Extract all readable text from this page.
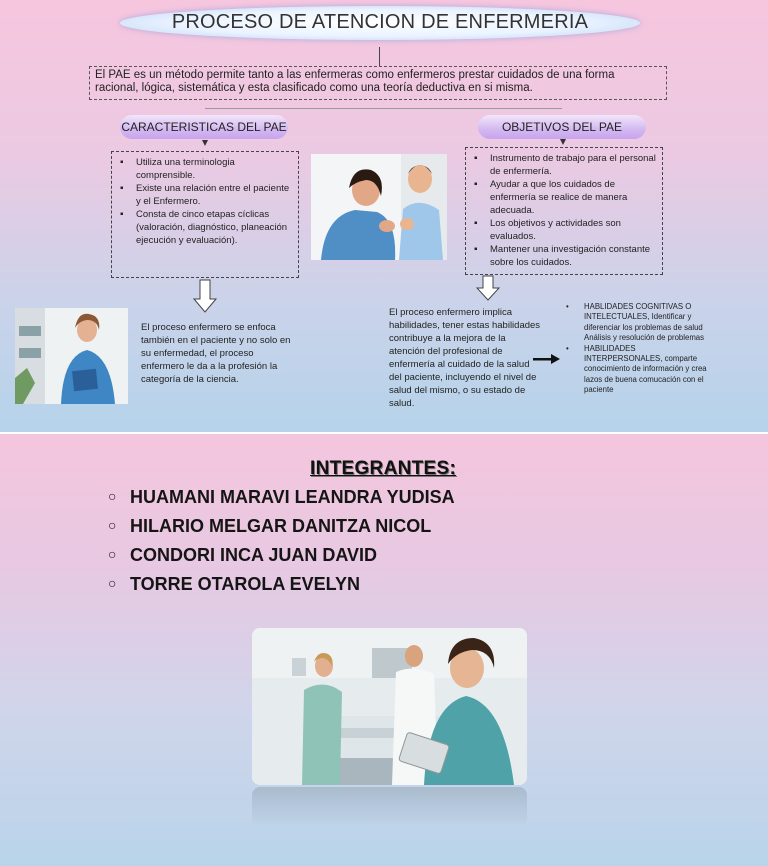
PROCESO DE ATENCION DE ENFERMERIA
El PAE es un método permite tanto a las enfermeras como enfermeros prestar cuidados de una forma racional, lógica, sistemática y esta clasificado como una teoría deductiva en si misma.
CARACTERISTICAS DEL PAE	OBJETIVOS DEL PAE
▪ Utiliza una terminologia comprensible.
▪ Existe una relación entre el paciente y el Enfermero.
▪ Consta de cinco etapas cíclicas (valoración, diagnóstico, planeación ejecución y evaluación).
▪ Instrumento de trabajo para el personal de enfermería.
▪ Ayudar a que los cuidados de enfermería se realice de manera adecuada.
▪ Los objetivos y actividades son evaluados.
▪ Mantener una investigación constante sobre los cuidados.
El proceso enfermero se enfoca también en el paciente y no solo en su enfermedad, el proceso enfermero le da a la profesión la categoría de la ciencia.
El proceso enfermero implica habilidades, tener estas habilidades contribuye a la mejora de la atención del profesional de enfermería al cuidado de la salud del paciente, incluyendo el nivel de salud del mismo, o su estado de salud.
• HABLIDADES COGNITIVAS O INTELECTUALES, Identificar y diferenciar los problemas de salud Análisis y resolución de problemas
• HABILIDADES INTERPERSONALES, comparte conocimiento de información y crea lazos de buena comucación con el paciente
INTEGRANTES:
○ HUAMANI MARAVI LEANDRA YUDISA
○ HILARIO MELGAR DANITZA NICOL
○ CONDORI INCA JUAN DAVID
○ TORRE OTAROLA EVELYN
